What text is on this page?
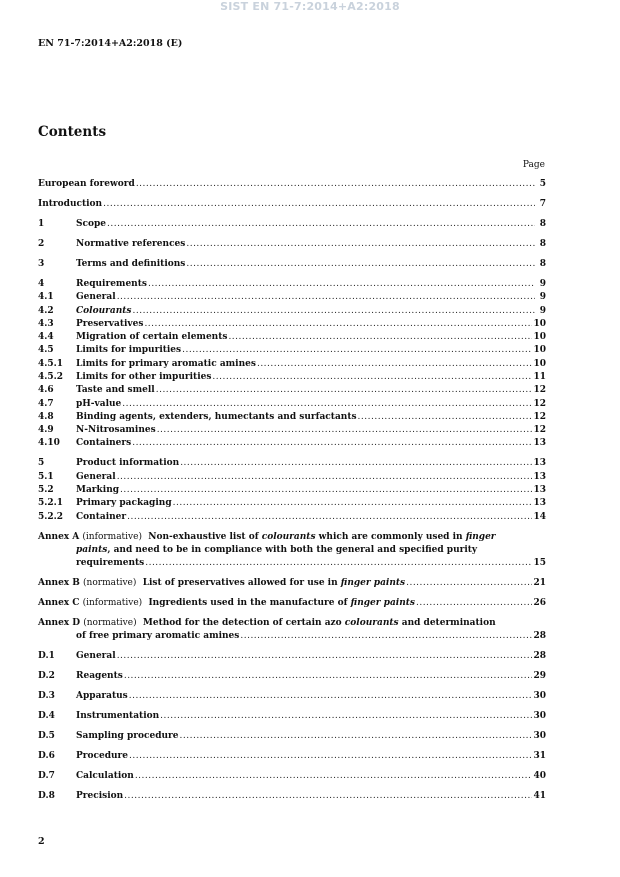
SIST EN 71-7:2014+A2:2018
EN 71-7:2014+A2:2018 (E)
Contents
Page
European foreword .....	5
Introduction .....	7
1	Scope .....	8
2	Normative references .....	8
3	Terms and definitions .....	8
4	Requirements .....	9
4.1	General .....	9
4.2	Colourants .....	9
4.3	Preservatives .....	10
4.4	Migration of certain elements .....	10
4.5	Limits for impurities .....	10
4.5.1	Limits for primary aromatic amines .....	10
4.5.2	Limits for other impurities .....	11
4.6	Taste and smell .....	12
4.7	pH-value .....	12
4.8	Binding agents, extenders, humectants and surfactants .....	12
4.9	N-Nitrosamines .....	12
4.10	Containers .....	13
5	Product information .....	13
5.1	General .....	13
5.2	Marking .....	13
5.2.1	Primary packaging .....	13
5.2.2	Container .....	14
Annex A (informative) Non-exhaustive list of colourants which are commonly used in finger
paints, and need to be in compliance with both the general and specified purity
requirements .....	15
Annex B (normative) List of preservatives allowed for use in finger paints .....	21
Annex C (informative) Ingredients used in the manufacture of finger paints .....	26
Annex D (normative) Method for the detection of certain azo colourants and determination
of free primary aromatic amines .....	28
D.1	General .....	28
D.2	Reagents .....	29
D.3	Apparatus .....	30
D.4	Instrumentation .....	30
D.5	Sampling procedure .....	30
D.6	Procedure .....	31
D.7	Calculation .....	40
D.8	Precision .....	41
2
